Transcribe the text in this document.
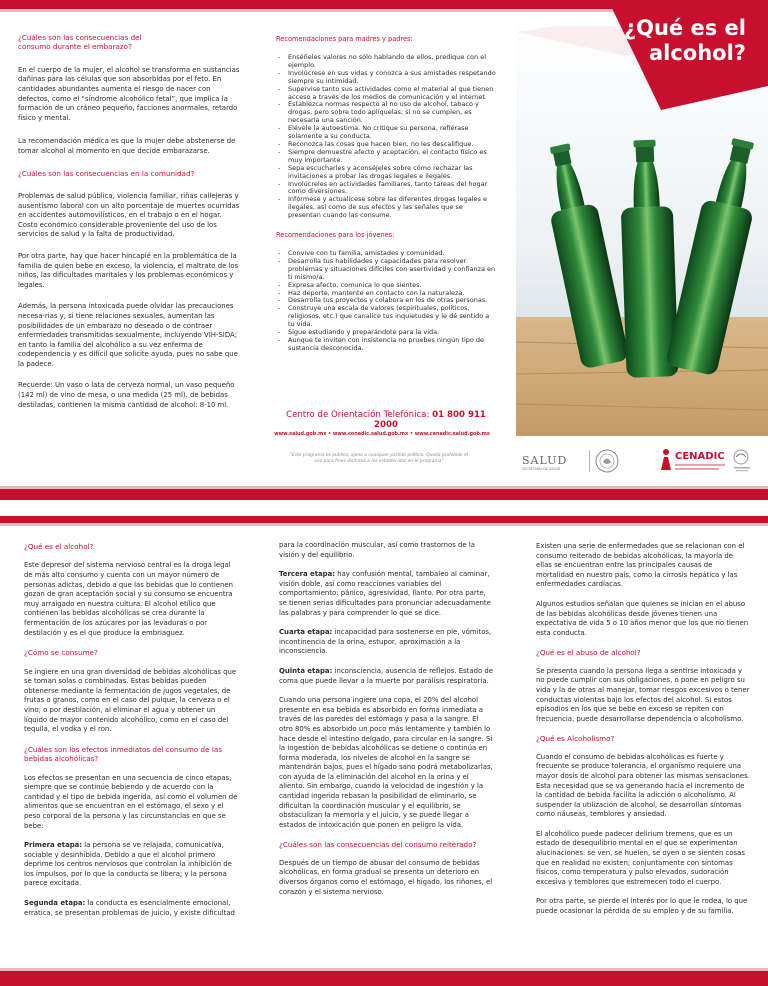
¿Cuáles son las consecuencias del consumo durante el embarazo?

En el cuerpo de la mujer, el alcohol se transforma en sustancias dañinas para las células que son absorbidas por el feto. En cantidades abundantes aumenta el riesgo de nacer con defectos, como el “síndrome alcohólico fetal”, que implica la formación de un cráneo pequeño, facciones anormales, retardo físico y mental.

La recomendación médica es que la mujer debe abstenerse de tomar alcohol al momento en que decide embarazarse.

¿Cuáles son las consecuencias en la comunidad?

Problemas de salud pública, violencia familiar, riñas callejeras y ausentismo laboral con un alto porcentaje de muertes ocurridas en accidentes automovilísticos, en el trabajo o en el hogar. Costo económico considerable proveniente del uso de los servicios de salud y la falta de productividad.

Por otra parte, hay que hacer hincapié en la problemática de la familia de quien bebe en exceso, la violencia, el maltrato de los niños, las dificultades maritales y los problemas económicos y legales.

Además, la persona intoxicada puede olvidar las precauciones necesa-rias y, si tiene relaciones sexuales, aumentan las posibilidades de un embarazo no deseado o de contraer enfermedades transmitidas sexualmente, incluyendo VIH-SIDA; en tanto la familia del alcohólico a su vez enferma de codependencia y es difícil que solicite ayuda, pues no sabe que la padece.

Recuerde: Un vaso o lata de cerveza normal, un vaso pequeño (142 ml) de vino de mesa, o una medida (25 ml). de bebidas destiladas, contienen la misma cantidad de alcohol: 8-10 ml.

Recomendaciones para madres y padres:

- Enséñeles valores no sólo hablando de ellos, predique con el ejemplo.
- Involúcrese en sus vidas y conozca a sus amistades respetando siempre su intimidad.
- Supervise tanto sus actividades como el material al que tienen acceso a través de los medios de comunicación y el internet.
- Establezca normas respecto al no uso de alcohol, tabaco y drogas, pero sobre todo aplíquelas; si no se cumplen, es necesaria una sanción.
- Elévele la autoestima. No critique su persona, refiérase solamente a su conducta.
- Reconozca las cosas que hacen bien, no les descalifique.
- Siempre demuestre afecto y aceptación, el contacto físico es muy importante.
- Sepa escucharles y aconséjeles sobre cómo rechazar las invitaciones a probar las drogas legales e ilegales.
- Involúcreles en actividades familiares, tanto tareas del hogar como diversiones.
- Infórmese y actualícese sobre las diferentes drogas legales e ilegales, así como de sus efectos y las señales que se presentan cuando las consume.

Recomendaciones para los jóvenes:

- Convive con tu familia, amistades y comunidad.
- Desarrolla tus habilidades y capacidades para resolver problemas y situaciones difíciles con asertividad y confianza en ti mismo/a.
- Expresa afecto, comunica lo que sientes.
- Haz deporte, mantente en contacto con la naturaleza.
- Desarrolla tus proyectos y colabora en los de otras personas.
- Construye una escala de valores (espirituales, políticos, religiosos, etc.) que canalice tus inquietudes y le dé sentido a tu vida.
- Sigue estudiando y preparándote para la vida.
- Aunque te inviten con insistencia no pruebes ningún tipo de sustancia desconocida.
Centro de Orientación Telefónica: 01 800 911 2000
www.salud.gob.mx • www.conadic.salud.gob.mx • www.cenadic.salud.gob.mx
"Este programa es público, ajeno a cualquier partido político. Queda prohibido el uso para fines distintos a los establecidos en el programa"
¿Qué es el
alcohol?
SALUD
SECRETARÍA DE SALUD
CENADIC

¿Qué es el alcohol?

Este depresor del sistema nervioso central es la droga legal de más alto consumo y cuenta con un mayor número de personas adictas, debido a que las bebidas que lo contienen gozan de gran aceptación social y su consumo se encuentra muy arraigado en nuestra cultura. El alcohol etílico que contienen las bebidas alcohólicas se crea durante la fermentación de los azúcares por las levaduras o por destilación y es el que produce la embriaguez.

¿Cómo se consume?

Se ingiere en una gran diversidad de bebidas alcohólicas que se toman solas o combinadas. Estas bebidas pueden obtenerse mediante la fermentación de jugos vegetales, de frutas o granos, como en el caso del pulque, la cerveza o el vino; o por destilación, al eliminar el agua y obtener un líquido de mayor contenido alcohólico, como en el caso del tequila, el vodka y el ron.

¿Cuáles son los efectos inmediatos del consumo de las bebidas alcohólicas?

Los efectos se presentan en una secuencia de cinco etapas, siempre que se continúe bebiendo y de acuerdo con la cantidad y el tipo de bebida ingerida, así como el volumen de alimentos que se encuentran en el estómago, el sexo y el peso corporal de la persona y las circunstancias en que se bebe:

Primera etapa: la persona se ve relajada, comunicativa, sociable y desinhibida. Debido a que el alcohol primero deprime los centros nerviosos que controlan la inhibición de los impulsos, por lo que la conducta se libera; y la persona parece excitada.

Segunda etapa: la conducta es esencialmente emocional, errática, se presentan problemas de juicio, y existe dificultad

para la coordinación muscular, así como trastornos de la visión y del equilibrio.

Tercera etapa: hay confusión mental, tambaleo al caminar, visión doble, así como reacciones variables del comportamiento: pánico, agresividad, llanto. Por otra parte, se tienen serias dificultades para pronunciar adecuadamente las palabras y para comprender lo que se dice.

Cuarta etapa: incapacidad para sostenerse en pie, vómitos, incontinencia de la orina, estupor, aproximación a la inconsciencia.

Quinta etapa: inconsciencia, ausencia de reflejos. Estado de coma que puede llevar a la muerte por parálisis respiratoria.

Cuando una persona ingiere una copa, el 20% del alcohol presente en esa bebida es absorbido en forma inmediata a través de las paredes del estómago y pasa a la sangre. El otro 80% es absorbido un poco más lentamente y también lo hace desde el intestino delgado, para circular en la sangre. Si la ingestión de bebidas alcohólicas se detiene o continúa en forma moderada, los niveles de alcohol en la sangre se mantendrán bajos, pues el hígado sano podrá metabolizarlas, con ayuda de la eliminación del alcohol en la orina y el aliento. Sin embargo, cuando la velocidad de ingestión y la cantidad ingerida rebasan la posibilidad de eliminarlo, se dificultan la coordinación muscular y el equilibrio, se obstaculizan la memoria y el juicio, y se puede llegar a estados de intoxicación que ponen en peligro la vida.

¿Cuáles son las consecuencias del consumo reiterado?

Después de un tiempo de abusar del consumo de bebidas alcohólicas, en forma gradual se presenta un deterioro en diversos órganos como el estómago, el hígado, los riñones, el corazón y el sistema nervioso.

Existen una serie de enfermedades que se relacionan con el consumo reiterado de bebidas alcohólicas, la mayoría de ellas se encuentran entre las principales causas de mortalidad en nuestro país, como la cirrosis hepática y las enfermedades cardíacas.

Algunos estudios señalan que quienes se inician en el abuso de las bebidas alcohólicas desde jóvenes tienen una expectativa de vida 5 o 10 años menor que los que no tienen esta conducta.

¿Qué es el abuso de alcohol?

Se presenta cuando la persona llega a sentirse intoxicada y no puede cumplir con sus obligaciones, o pone en peligro su vida y la de otras al manejar, tomar riesgos excesivos o tener conductas violentas bajo los efectos del alcohol. Si estos episodios en los que se bebe en exceso se repiten con frecuencia, puede desarrollarse dependencia o alcoholismo.

¿Qué es Alcoholismo?

Cuando el consumo de bebidas alcohólicas es fuerte y frecuente se produce tolerancia, el organismo requiere una mayor dosis de alcohol para obtener las mismas sensaciones. Esta necesidad que se va generando hacia el incremento de la cantidad de bebida facilita la adicción o alcoholismo. Al suspender la utilización de alcohol, se desarrollan síntomas como náuseas, temblores y ansiedad.

El alcohólico puede padecer delirium tremens, que es un estado de desequilibrio mental en el que se experimentan alucinaciones: se ven, se huelen, se oyen o se sienten cosas que en realidad no existen; conjuntamente con síntomas físicos, como temperatura y pulso elevados, sudoración excesiva y temblores que estremecen todo el cuerpo.

Por otra parte, se pierde el interés por lo que le rodea, lo que puede ocasionar la pérdida de su empleo y de su familia.
